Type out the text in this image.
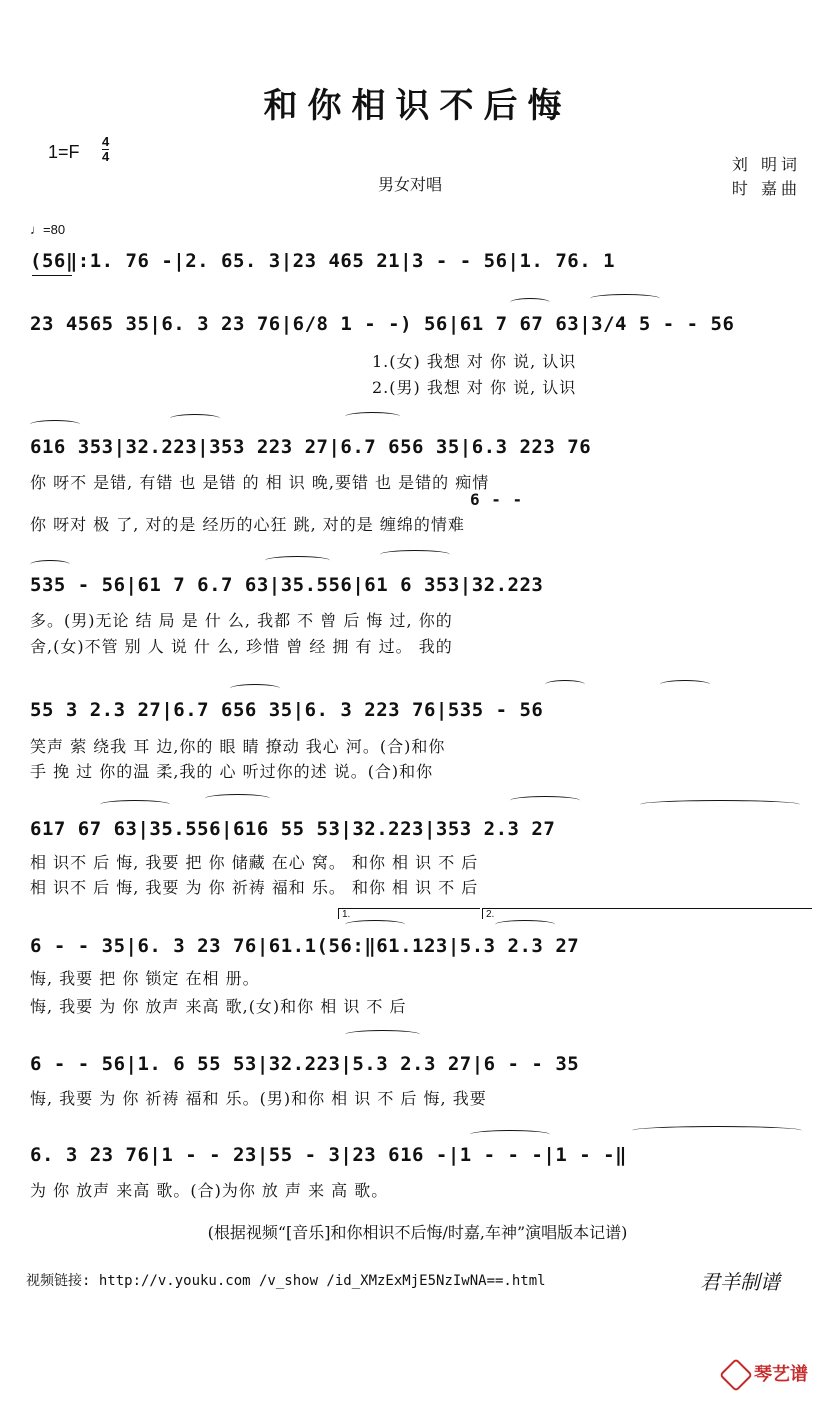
和你相识不后悔
1=F
4
4
男女对唱
刘 明词
时 嘉曲
♩=80
(56‖:1. 76 -|2. 65. 3|23 465 21|3 - - 56|1. 76. 1
23 4565 35|6. 3 23 76|6/8 1 - -) 56|61 7 67 63|3/4 5 - - 56
1.(女) 我想 对 你 说, 认识
2.(男) 我想 对 你 说, 认识
616 353|32.223|353 223 27|6.7 656 35|6.3 223 76
你 呀不 是错, 有错 也 是错 的 相 识 晚,要错 也 是错的 痴情
6 - -
你 呀对 极 了, 对的是 经历的心狂 跳, 对的是 缠绵的情难
535 - 56|61 7 6.7 63|35.556|61 6 353|32.223
多。(男)无论 结 局 是 什 么, 我都 不 曾 后 悔 过, 你的
舍,(女)不管 别 人 说 什 么, 珍惜 曾 经 拥 有 过。 我的
55 3 2.3 27|6.7 656 35|6. 3 223 76|535 - 56
笑声 萦 绕我 耳 边,你的 眼 睛 撩动 我心 河。(合)和你
手 挽 过 你的温 柔,我的 心 听过你的述 说。(合)和你
617 67 63|35.556|616 55 53|32.223|353 2.3 27
相 识不 后 悔, 我要 把 你 储藏 在心 窝。 和你 相 识 不 后
相 识不 后 悔, 我要 为 你 祈祷 福和 乐。 和你 相 识 不 后
1.	2.
6 - - 35|6. 3 23 76|61.1(56:‖61.123|5.3 2.3 27
悔, 我要 把 你 锁定 在相 册。
悔, 我要 为 你 放声 来高 歌,(女)和你 相 识 不 后
6 - - 56|1. 6 55 53|32.223|5.3 2.3 27|6 - - 35
悔, 我要 为 你 祈祷 福和 乐。(男)和你 相 识 不 后 悔, 我要
6. 3 23 76|1 - - 23|55 - 3|23 616 -|1 - - -|1 - -‖
为 你 放声 来高 歌。(合)为你 放 声 来 高 歌。
(根据视频“[音乐]和你相识不后悔/时嘉,车神”演唱版本记谱)
视频链接: http://v.youku.com /v_show /id_XMzExMjE5NzIwNA==.html	君羊制谱
琴艺谱
